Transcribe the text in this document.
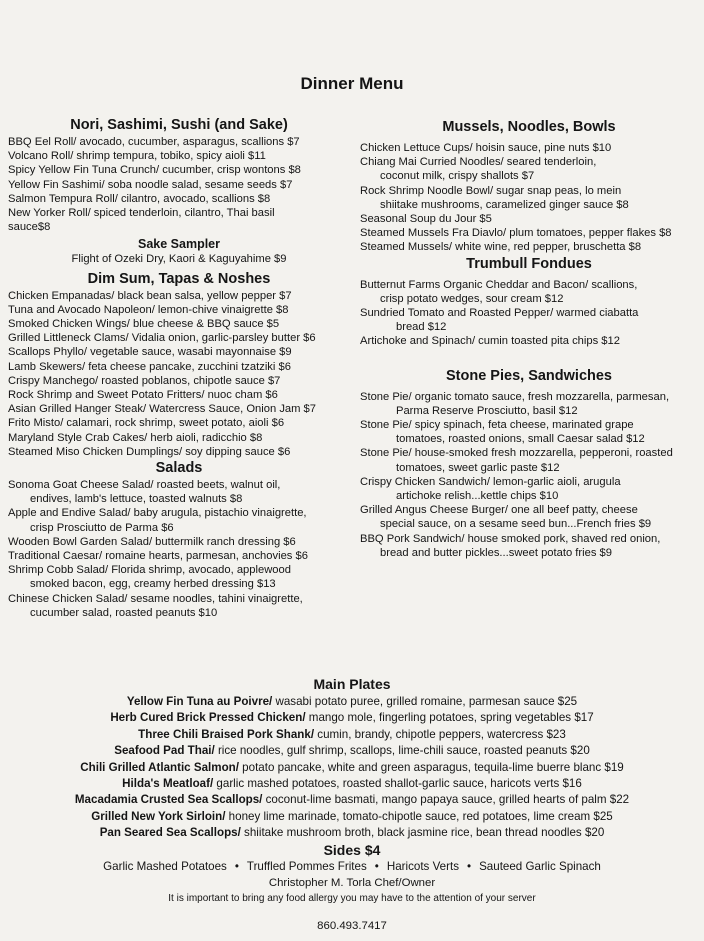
Dinner Menu
Nori, Sashimi, Sushi (and Sake)
BBQ Eel Roll/ avocado, cucumber, asparagus, scallions $7
Volcano Roll/ shrimp tempura, tobiko, spicy aioli $11
Spicy Yellow Fin Tuna Crunch/ cucumber, crisp wontons $8
Yellow Fin Sashimi/ soba noodle salad, sesame seeds $7
Salmon Tempura Roll/ cilantro, avocado, scallions $8
New Yorker Roll/ spiced tenderloin, cilantro, Thai basil
sauce$8
Sake Sampler
Flight of Ozeki Dry, Kaori & Kaguyahime $9
Dim Sum, Tapas & Noshes
Chicken Empanadas/ black bean salsa, yellow pepper $7
Tuna and Avocado Napoleon/ lemon-chive vinaigrette $8
Smoked Chicken Wings/ blue cheese & BBQ sauce $5
Grilled Littleneck Clams/ Vidalia onion, garlic-parsley butter $6
Scallops Phyllo/ vegetable sauce, wasabi mayonnaise $9
Lamb Skewers/ feta cheese pancake, zucchini tzatziki $6
Crispy Manchego/ roasted poblanos, chipotle sauce $7
Rock Shrimp and Sweet Potato Fritters/ nuoc cham $6
Asian Grilled Hanger Steak/ Watercress Sauce, Onion Jam $7
Frito Misto/ calamari, rock shrimp, sweet potato, aioli $6
Maryland Style Crab Cakes/ herb aioli, radicchio $8
Steamed Miso Chicken Dumplings/ soy dipping sauce $6
Salads
Sonoma Goat Cheese Salad/ roasted beets, walnut oil,
endives, lamb's lettuce, toasted walnuts $8
Apple and Endive Salad/ baby arugula, pistachio vinaigrette,
crisp Prosciutto de Parma $6
Wooden Bowl Garden Salad/ buttermilk ranch dressing $6
Traditional Caesar/ romaine hearts, parmesan, anchovies $6
Shrimp Cobb Salad/ Florida shrimp, avocado, applewood
smoked bacon, egg, creamy herbed dressing $13
Chinese Chicken Salad/ sesame noodles, tahini vinaigrette,
cucumber salad, roasted peanuts $10
Mussels, Noodles, Bowls
Chicken Lettuce Cups/ hoisin sauce, pine nuts $10
Chiang Mai Curried Noodles/ seared tenderloin,
coconut milk, crispy shallots $7
Rock Shrimp Noodle Bowl/ sugar snap peas, lo mein
shiitake mushrooms, caramelized ginger sauce $8
Seasonal Soup du Jour $5
Steamed Mussels Fra Diavlo/ plum tomatoes, pepper flakes $8
Steamed Mussels/ white wine, red pepper, bruschetta $8
Trumbull Fondues
Butternut Farms Organic Cheddar and Bacon/ scallions,
crisp potato wedges, sour cream $12
Sundried Tomato and Roasted Pepper/ warmed ciabatta
bread $12
Artichoke and Spinach/ cumin toasted pita chips $12
Stone Pies, Sandwiches
Stone Pie/ organic tomato sauce, fresh mozzarella, parmesan,
Parma Reserve Prosciutto, basil $12
Stone Pie/ spicy spinach, feta cheese, marinated grape
tomatoes, roasted onions, small Caesar salad $12
Stone Pie/ house-smoked fresh mozzarella, pepperoni, roasted
tomatoes, sweet garlic paste $12
Crispy Chicken Sandwich/ lemon-garlic aioli, arugula
artichoke relish...kettle chips $10
Grilled Angus Cheese Burger/ one all beef patty, cheese
special sauce, on a sesame seed bun...French fries $9
BBQ Pork Sandwich/ house smoked pork, shaved red onion,
bread and butter pickles...sweet potato fries $9
Main Plates
Yellow Fin Tuna au Poivre/ wasabi potato puree, grilled romaine, parmesan sauce $25
Herb Cured Brick Pressed Chicken/ mango mole, fingerling potatoes, spring vegetables $17
Three Chili Braised Pork Shank/ cumin, brandy, chipotle peppers, watercress $23
Seafood Pad Thai/ rice noodles, gulf shrimp, scallops, lime-chili sauce, roasted peanuts $20
Chili Grilled Atlantic Salmon/ potato pancake, white and green asparagus, tequila-lime buerre blanc $19
Hilda's Meatloaf/ garlic mashed potatoes, roasted shallot-garlic sauce, haricots verts $16
Macadamia Crusted Sea Scallops/ coconut-lime basmati, mango papaya sauce, grilled hearts of palm $22
Grilled New York Sirloin/ honey lime marinade, tomato-chipotle sauce, red potatoes, lime cream $25
Pan Seared Sea Scallops/ shiitake mushroom broth, black jasmine rice, bean thread noodles $20
Sides $4
Garlic Mashed Potatoes • Truffled Pommes Frites • Haricots Verts • Sauteed Garlic Spinach
Christopher M. Torla Chef/Owner
It is important to bring any food allergy you may have to the attention of your server
860.493.7417
